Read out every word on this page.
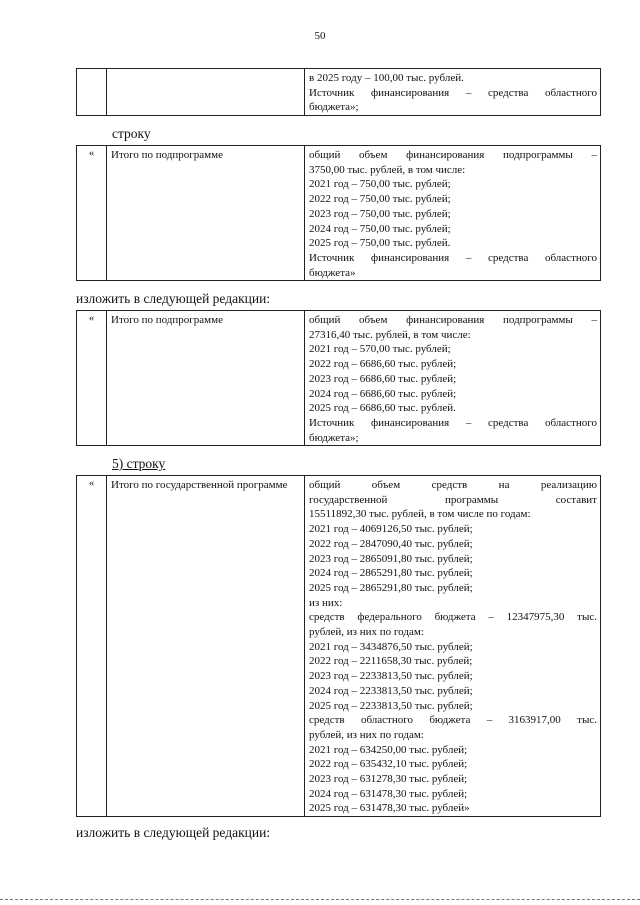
50

в 2025 году – 100,00 тыс. рублей.
Источник финансирования – средства областного
бюджета»;
строку
«	Итого по подпрограмме	общий объем финансирования подпрограммы –
3750,00 тыс. рублей, в том числе:
2021 год – 750,00 тыс. рублей;
2022 год – 750,00 тыс. рублей;
2023 год – 750,00 тыс. рублей;
2024 год – 750,00 тыс. рублей;
2025 год – 750,00 тыс. рублей.
Источник финансирования – средства областного
бюджета»
изложить в следующей редакции:
«	Итого по подпрограмме	общий объем финансирования подпрограммы –
27316,40 тыс. рублей, в том числе:
2021 год – 570,00 тыс. рублей;
2022 год – 6686,60 тыс. рублей;
2023 год – 6686,60 тыс. рублей;
2024 год – 6686,60 тыс. рублей;
2025 год – 6686,60 тыс. рублей.
Источник финансирования – средства областного
бюджета»;
5) строку
«	Итого по государственной программе	общий объем средств на реализацию
государственной программы составит
15511892,30 тыс. рублей, в том числе по годам:
2021 год – 4069126,50 тыс. рублей;
2022 год – 2847090,40 тыс. рублей;
2023 год – 2865091,80 тыс. рублей;
2024 год – 2865291,80 тыс. рублей;
2025 год – 2865291,80 тыс. рублей;
из них:
средств федерального бюджета – 12347975,30 тыс.
рублей, из них по годам:
2021 год – 3434876,50 тыс. рублей;
2022 год – 2211658,30 тыс. рублей;
2023 год – 2233813,50 тыс. рублей;
2024 год – 2233813,50 тыс. рублей;
2025 год – 2233813,50 тыс. рублей;
средств областного бюджета – 3163917,00 тыс.
рублей, из них по годам:
2021 год – 634250,00 тыс. рублей;
2022 год – 635432,10 тыс. рублей;
2023 год – 631278,30 тыс. рублей;
2024 год – 631478,30 тыс. рублей;
2025 год – 631478,30 тыс. рублей»
изложить в следующей редакции:
